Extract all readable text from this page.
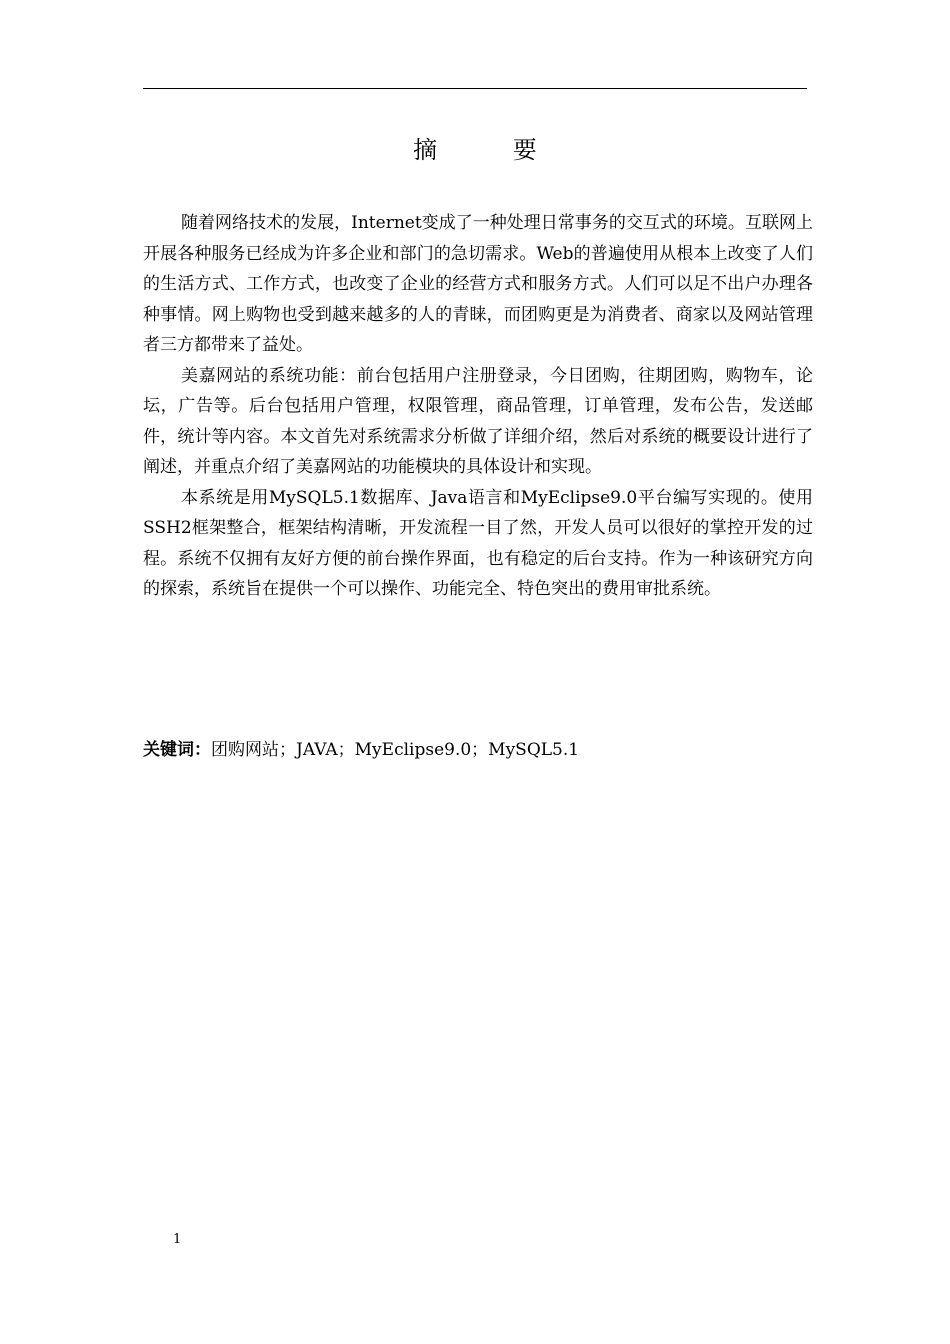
摘 要

随着网络技术的发展，Internet变成了一种处理日常事务的交互式的环境。互联网上开展各种服务已经成为许多企业和部门的急切需求。Web的普遍使用从根本上改变了人们的生活方式、工作方式，也改变了企业的经营方式和服务方式。人们可以足不出户办理各种事情。网上购物也受到越来越多的人的青睐，而团购更是为消费者、商家以及网站管理者三方都带来了益处。

美嘉网站的系统功能：前台包括用户注册登录，今日团购，往期团购，购物车，论坛，广告等。后台包括用户管理，权限管理，商品管理，订单管理，发布公告，发送邮件，统计等内容。本文首先对系统需求分析做了详细介绍，然后对系统的概要设计进行了阐述，并重点介绍了美嘉网站的功能模块的具体设计和实现。

本系统是用MySQL5.1数据库、Java语言和MyEclipse9.0平台编写实现的。使用SSH2框架整合，框架结构清晰，开发流程一目了然，开发人员可以很好的掌控开发的过程。系统不仅拥有友好方便的前台操作界面，也有稳定的后台支持。作为一种该研究方向的探索，系统旨在提供一个可以操作、功能完全、特色突出的费用审批系统。

关键词：团购网站；JAVA；MyEclipse9.0；MySQL5.1
1
